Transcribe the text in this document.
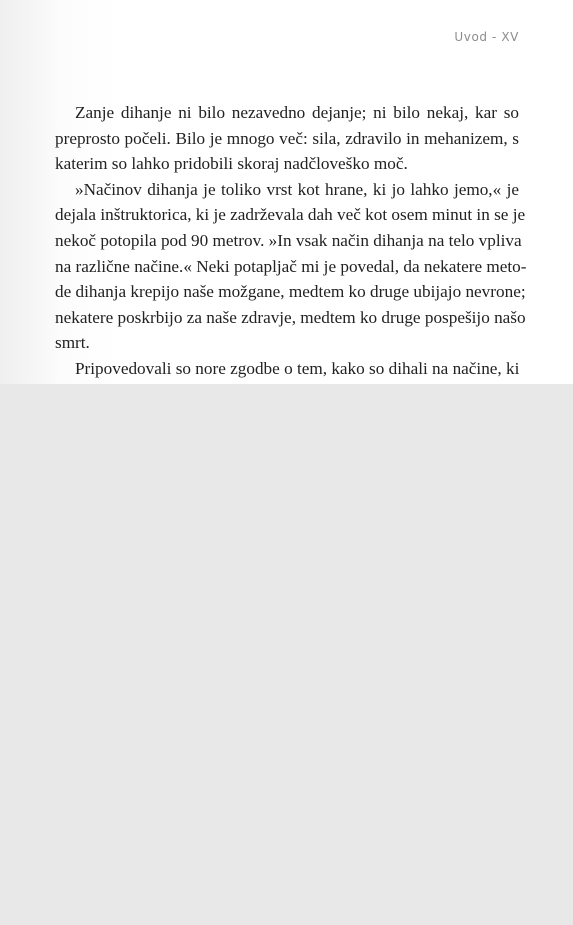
Uvod - XV
Zanje dihanje ni bilo nezavedno dejanje; ni bilo nekaj, kar so
preprosto počeli. Bilo je mnogo več: sila, zdravilo in mehanizem, s
katerim so lahko pridobili skoraj nadčloveško moč.
»Načinov dihanja je toliko vrst kot hrane, ki jo lahko jemo,« je
dejala inštruktorica, ki je zadrževala dah več kot osem minut in se je
nekoč potopila pod 90 metrov. »In vsak način dihanja na telo vpliva
na različne načine.« Neki potapljač mi je povedal, da nekatere meto-
de dihanja krepijo naše možgane, medtem ko druge ubijajo nevrone;
nekatere poskrbijo za naše zdravje, medtem ko druge pospešijo našo
smrt.
Pripovedovali so nore zgodbe o tem, kako so dihali na načine, ki
